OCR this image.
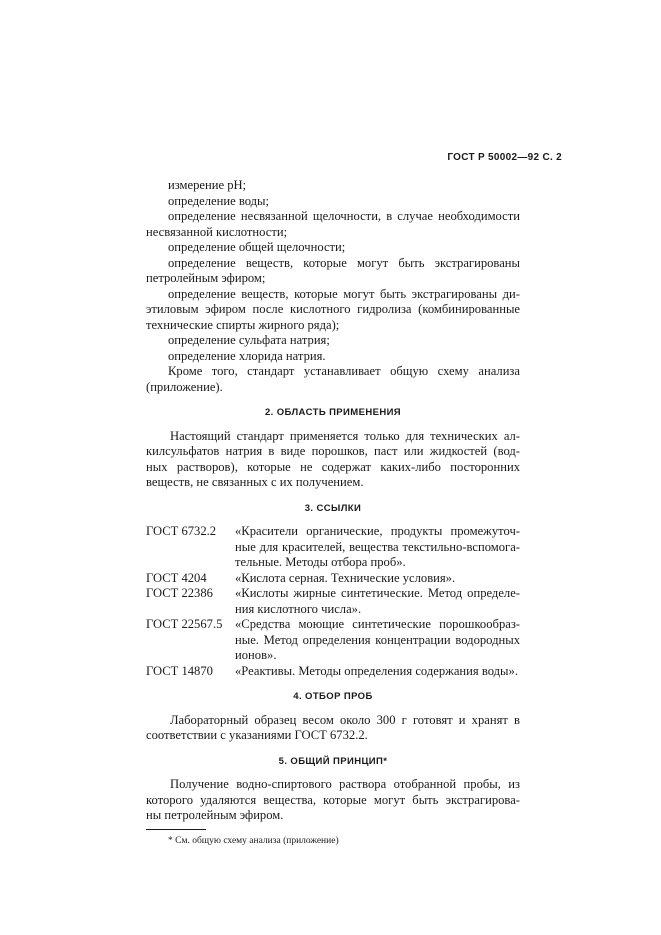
ГОСТ Р 50002—92 С. 2
измерение рН;
определение воды;
определение несвязанной щелочности, в случае необходимости
несвязанной кислотности;
определение общей щелочности;
определение веществ, которые могут быть экстрагированы
петролейным эфиром;
определение веществ, которые могут быть экстрагированы ди-
этиловым эфиром после кислотного гидролиза (комбинированные
технические спирты жирного ряда);
определение сульфата натрия;
определение хлорида натрия.
Кроме того, стандарт устанавливает общую схему анализа
(приложение).
2. ОБЛАСТЬ ПРИМЕНЕНИЯ
Настоящий стандарт применяется только для технических ал-
килсульфатов натрия в виде порошков, паст или жидкостей (вод-
ных растворов), которые не содержат каких-либо посторонних
веществ, не связанных с их получением.
3. ССЫЛКИ
ГОСТ 6732.2	«Красители органические, продукты промежуточ-
ные для красителей, вещества текстильно-вспомога-
тельные. Методы отбора проб».
ГОСТ 4204	«Кислота серная. Технические условия».
ГОСТ 22386	«Кислоты жирные синтетические. Метод определе-
ния кислотного числа».
ГОСТ 22567.5	«Средства моющие синтетические порошкообраз-
ные. Метод определения концентрации водородных
ионов».
ГОСТ 14870	«Реактивы. Методы определения содержания воды».
4. ОТБОР ПРОБ
Лабораторный образец весом около 300 г готовят и хранят в
соответствии с указаниями ГОСТ 6732.2.
5. ОБЩИЙ ПРИНЦИП*
Получение водно-спиртового раствора отобранной пробы, из
которого удаляются вещества, которые могут быть экстрагирова-
ны петролейным эфиром.
* См. общую схему анализа (приложение)
